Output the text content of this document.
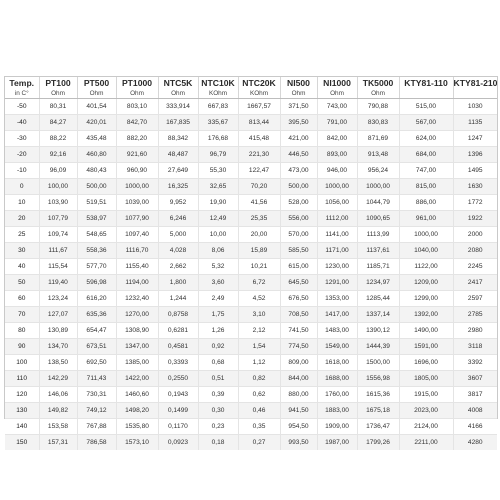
Temp.	PT100	PT500	PT1000	NTC5K	NTC10K	NTC20K	NI500	NI1000	TK5000	KTY81-110	KTY81-210
in C°	Ohm	Ohm	Ohm	Ohm	KOhm	KOhm	Ohm	Ohm	Ohm		
-50	80,31	401,54	803,10	333,914	667,83	1667,57	371,50	743,00	790,88	515,00	1030
-40	84,27	420,01	842,70	167,835	335,67	813,44	395,50	791,00	830,83	567,00	1135
-30	88,22	435,48	882,20	88,342	176,68	415,48	421,00	842,00	871,69	624,00	1247
-20	92,16	460,80	921,60	48,487	96,79	221,30	446,50	893,00	913,48	684,00	1396
-10	96,09	480,43	960,90	27,649	55,30	122,47	473,00	946,00	956,24	747,00	1495
0	100,00	500,00	1000,00	16,325	32,65	70,20	500,00	1000,00	1000,00	815,00	1630
10	103,90	519,51	1039,00	9,952	19,90	41,56	528,00	1056,00	1044,79	886,00	1772
20	107,79	538,97	1077,90	6,246	12,49	25,35	556,00	1112,00	1090,65	961,00	1922
25	109,74	548,65	1097,40	5,000	10,00	20,00	570,00	1141,00	1113,99	1000,00	2000
30	111,67	558,36	1116,70	4,028	8,06	15,89	585,50	1171,00	1137,61	1040,00	2080
40	115,54	577,70	1155,40	2,662	5,32	10,21	615,00	1230,00	1185,71	1122,00	2245
50	119,40	596,98	1194,00	1,800	3,60	6,72	645,50	1291,00	1234,97	1209,00	2417
60	123,24	616,20	1232,40	1,244	2,49	4,52	676,50	1353,00	1285,44	1299,00	2597
70	127,07	635,36	1270,00	0,8758	1,75	3,10	708,50	1417,00	1337,14	1392,00	2785
80	130,89	654,47	1308,90	0,6281	1,26	2,12	741,50	1483,00	1390,12	1490,00	2980
90	134,70	673,51	1347,00	0,4581	0,92	1,54	774,50	1549,00	1444,39	1591,00	3118
100	138,50	692,50	1385,00	0,3393	0,68	1,12	809,00	1618,00	1500,00	1696,00	3392
110	142,29	711,43	1422,00	0,2550	0,51	0,82	844,00	1688,00	1556,98	1805,00	3607
120	146,06	730,31	1460,60	0,1943	0,39	0,62	880,00	1760,00	1615,36	1915,00	3817
130	149,82	749,12	1498,20	0,1499	0,30	0,46	941,50	1883,00	1675,18	2023,00	4008
140	153,58	767,88	1535,80	0,1170	0,23	0,35	954,50	1909,00	1736,47	2124,00	4166
150	157,31	786,58	1573,10	0,0923	0,18	0,27	993,50	1987,00	1799,26	2211,00	4280
